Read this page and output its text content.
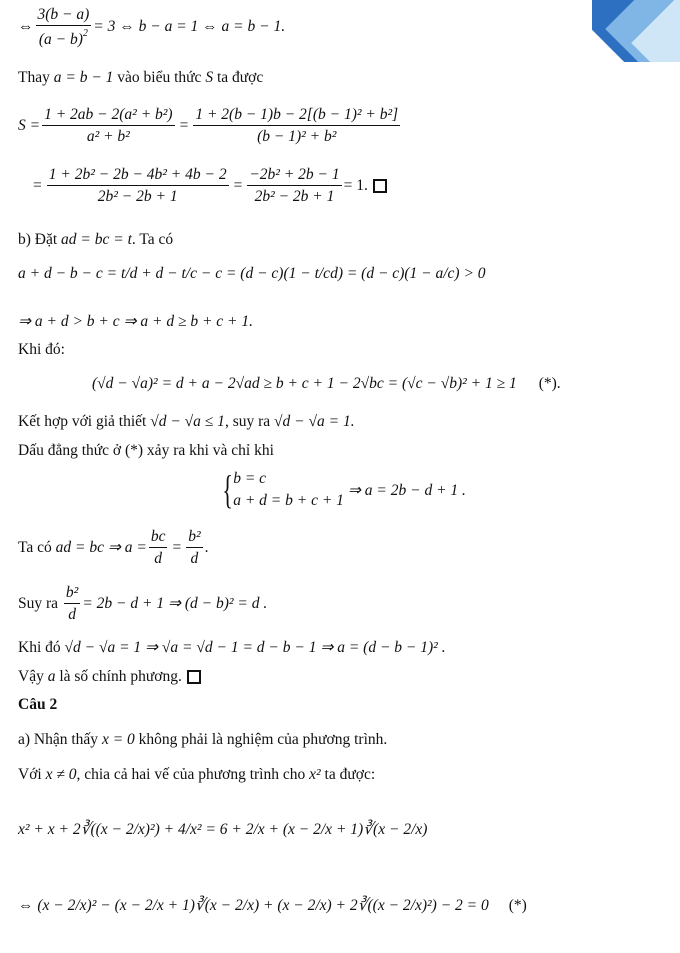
⇔ $\frac{3(b - a)}{(a - b)^2} = 3$ ⇔ b − a = 1 ⇔ a = b − 1.
Thay a = b − 1 vào biểu thức S ta được
$S = \frac{\text{1 + 2ab − 2(a² + b²)}}{\text{a² + b²}} = \frac{\text{1 + 2(b − 1)b − 2[(b − 1)² + b²]}}{\text{(b − 1)² + b²}}$
= $\frac{\text{1 + 2b² − 2b − 4b² + 4b − 2}}{\text{2b² − 2b + 1}} = \frac{\text{−2b² + 2b − 1}}{\text{2b² − 2b + 1}} = 1$.
b) Đặt ad = bc = t. Ta có
a + d − b − c = t/d + d − t/c − c = (d − c)(1 − t/cd) = (d − c)(1 − a/c) > 0
⇒ a + d > b + c ⇒ a + d ≥ b + c + 1.
Khi đó:
(√d − √a)² = d + a − 2√ad ≥ b + c + 1 − 2√bc = (√c − √b)² + 1 ≥ 1 (*).
Kết hợp với giả thiết √d − √a ≤ 1, suy ra √d − √a = 1.
Dấu đẳng thức ở (*) xảy ra khi và chỉ khi
{ b = c
a + d = b + c + 1
⇒ a = 2b − d + 1 .
Ta có
ad = bc ⇒ $a = \frac{bc}{d} = \frac{\text{b²}}{d}$ .
Suy ra
$\frac{\text{b²}}{d} = 2b - d + 1$ ⇒ (d − b)² = d .
Khi đó
√d − √a = 1 ⇒ √a = √d − 1 = d − b − 1 ⇒ a = (d − b − 1)² .
Vậy a là số chính phương.
Câu 2
a) Nhận thấy x = 0 không phải là nghiệm của phương trình.
Với x ≠ 0, chia cả hai vế của phương trình cho x² ta được:
x² + x + 2∛((x − 2/x)²) + 4/x² = 6 + 2/x + (x − 2/x + 1)∛(x − 2/x)
⇔ (x − 2/x)² − (x − 2/x + 1)∛(x − 2/x) + (x − 2/x) + 2∛((x − 2/x)²) − 2 = 0 (*)
